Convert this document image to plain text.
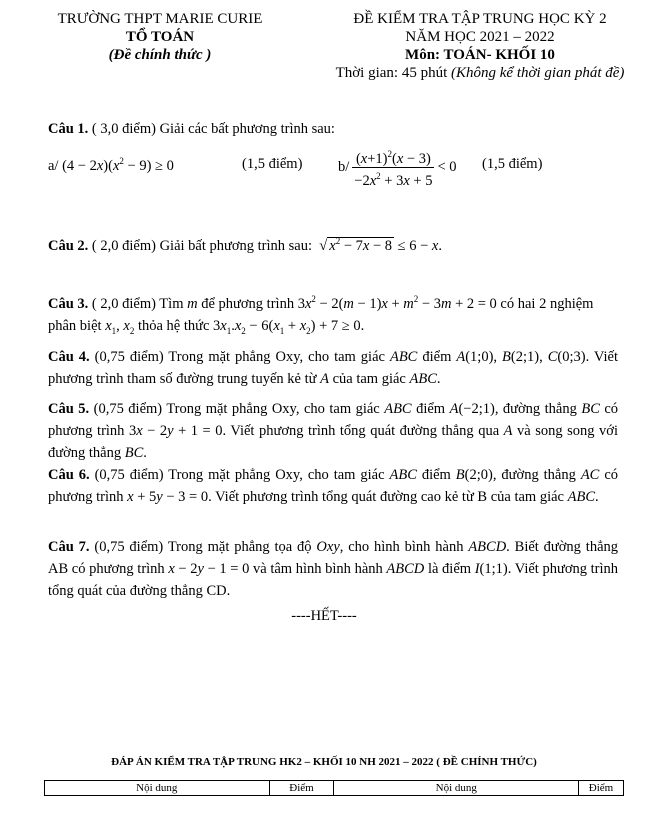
TRƯỜNG THPT MARIE CURIE
TỔ TOÁN
(Đề chính thức )
ĐỀ KIỂM TRA TẬP TRUNG HỌC KỲ 2
NĂM HỌC 2021 – 2022
Môn: TOÁN- KHỐI 10
Thời gian: 45 phút (Không kể thời gian phát đề)
Câu 1. ( 3,0 điểm) Giải các bất phương trình sau:
a/ $(4 - 2x)(x^2 - 9) \ge 0$	(1,5 điểm) $b/ \frac{(x+1)^2(x - 3)}{-2x^2 + 3x + 5} < 0$ (1,5 điểm)
Câu 2. ( 2,0 điểm) Giải bất phương trình sau:  √ $x^2 - 7x - 8 \le 6 - x$.
Câu 3. ( 2,0 điểm) Tìm m để phương trình $3x^2 - 2(m - 1)x + m^2 - 3m + 2 = 0$ có hai 2 nghiệm
phân biệt $x_1$, $x_2$ thỏa hệ thức $3x_1.x_2 - 6(x_1 + x_2) + 7 \ge 0$.
Câu 4. (0,75 điểm) Trong mặt phẳng Oxy, cho tam giác ABC điểm A(1;0), B(2;1), C(0;3). Viết phương trình tham số đường trung tuyến kẻ từ A của tam giác ABC.
Câu 5. (0,75 điểm) Trong mặt phẳng Oxy, cho tam giác ABC điểm A(−2;1), đường thẳng BC có phương trình 3x − 2y + 1 = 0. Viết phương trình tổng quát đường thẳng qua A và song song với đường thẳng BC.
Câu 6. (0,75 điểm) Trong mặt phẳng Oxy, cho tam giác ABC điểm B(2;0), đường thẳng AC có phương trình x + 5y − 3 = 0. Viết phương trình tổng quát đường cao kẻ từ B của tam giác ABC.
Câu 7. (0,75 điểm) Trong mặt phẳng tọa độ Oxy, cho hình bình hành ABCD. Biết đường thẳng AB có phương trình x − 2y − 1 = 0 và tâm hình bình hành ABCD là điểm I(1;1). Viết phương trình tổng quát của đường thẳng CD.
----HẾT----
ĐÁP ÁN KIỂM TRA TẬP TRUNG HK2 – KHỐI 10 NH 2021 – 2022 ( ĐỀ CHÍNH THỨC)
Nội dung	Điểm	Nội dung	Điểm
